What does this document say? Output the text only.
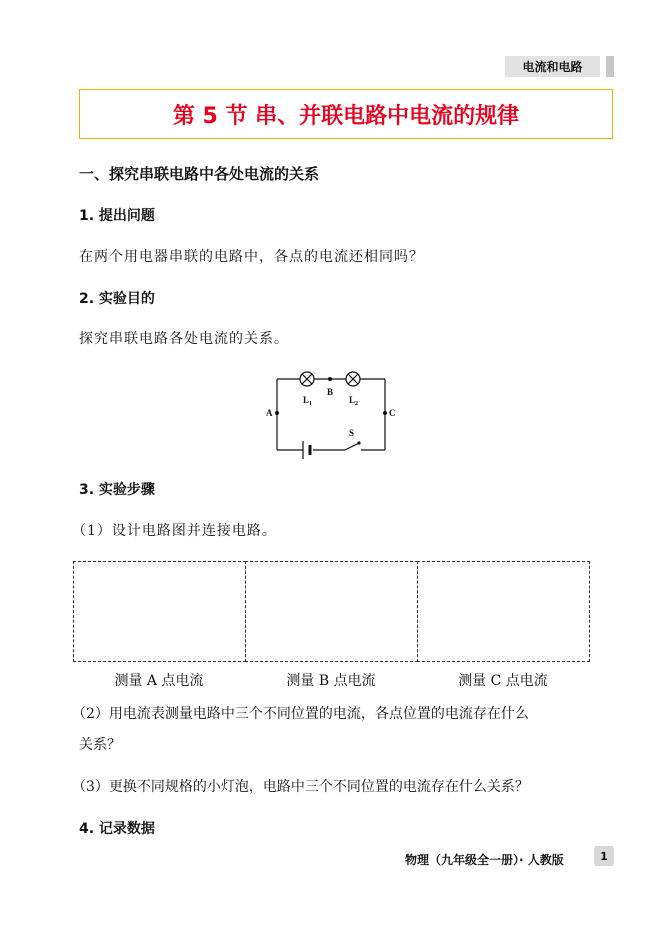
电流和电路
第 5 节 串、并联电路中电流的规律
一、探究串联电路中各处电流的关系
1. 提出问题
在两个用电器串联的电路中，各点的电流还相同吗？
2. 实验目的
探究串联电路各处电流的关系。
A
B
C
S
$L_1$	$L_2$
3. 实验步骤
（1）设计电路图并连接电路。
测量 A 点电流	测量 B 点电流	测量 C 点电流
（2）用电流表测量电路中三个不同位置的电流，各点位置的电流存在什么
关系？
（3）更换不同规格的小灯泡，电路中三个不同位置的电流存在什么关系？
4. 记录数据
物理（九年级全一册）· 人教版	1
